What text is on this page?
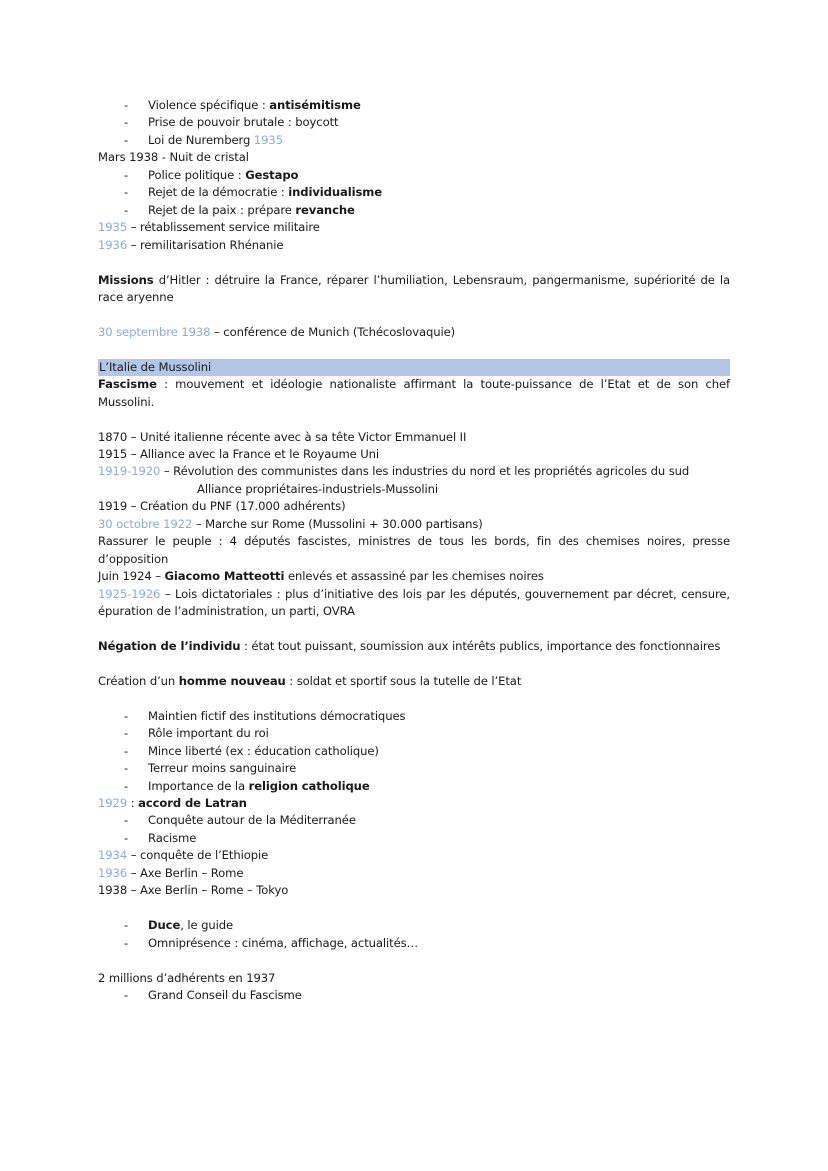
- Violence spécifique : antisémitisme
- Prise de pouvoir brutale : boycott
- Loi de Nuremberg 1935
Mars 1938 - Nuit de cristal
- Police politique : Gestapo
- Rejet de la démocratie : individualisme
- Rejet de la paix : prépare revanche
1935 – rétablissement service militaire
1936 – remilitarisation Rhénanie
Missions d’Hitler : détruire la France, réparer l’humiliation, Lebensraum, pangermanisme, supériorité de la race aryenne
30 septembre 1938 – conférence de Munich (Tchécoslovaquie)
L’Italie de Mussolini
Fascisme : mouvement et idéologie nationaliste affirmant la toute-puissance de l’Etat et de son chef Mussolini.
1870 – Unité italienne récente avec à sa tête Victor Emmanuel II
1915 – Alliance avec la France et le Royaume Uni
1919-1920 – Révolution des communistes dans les industries du nord et les propriétés agricoles du sud
Alliance propriétaires-industriels-Mussolini
1919 – Création du PNF (17.000 adhérents)
30 octobre 1922 – Marche sur Rome (Mussolini + 30.000 partisans)
Rassurer le peuple : 4 députés fascistes, ministres de tous les bords, fin des chemises noires, presse d’opposition
Juin 1924 – Giacomo Matteotti enlevés et assassiné par les chemises noires
1925-1926 – Lois dictatoriales : plus d’initiative des lois par les députés, gouvernement par décret, censure, épuration de l’administration, un parti, OVRA
Négation de l’individu : état tout puissant, soumission aux intérêts publics, importance des fonctionnaires
Création d’un homme nouveau : soldat et sportif sous la tutelle de l’Etat
- Maintien fictif des institutions démocratiques
- Rôle important du roi
- Mince liberté (ex : éducation catholique)
- Terreur moins sanguinaire
- Importance de la religion catholique
1929 : accord de Latran
- Conquête autour de la Méditerranée
- Racisme
1934 – conquête de l’Ethiopie
1936 – Axe Berlin – Rome
1938 – Axe Berlin – Rome – Tokyo
- Duce, le guide
- Omniprésence : cinéma, affichage, actualités…
2 millions d’adhérents en 1937
- Grand Conseil du Fascisme
